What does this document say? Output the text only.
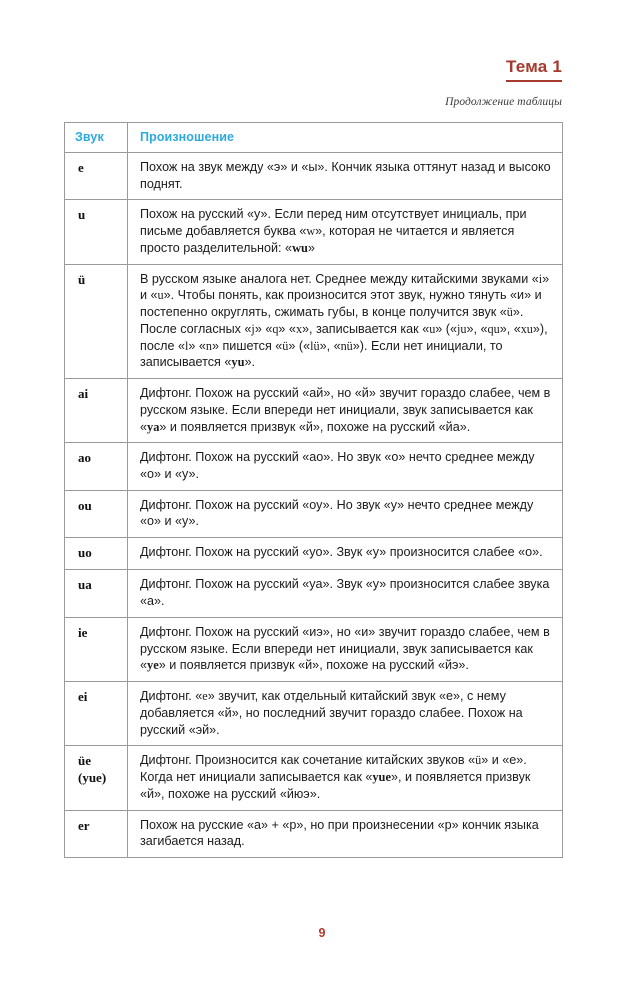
Тема 1
Продолжение таблицы
Звук	Произношение
e	Похож на звук между «э» и «ы». Кончик языка оттянут назад и высоко поднят.
u	Похож на русский «у». Если перед ним отсутствует инициаль, при письме добавляется буква «w», которая не читается и является просто разделительной: «wu»
ü	В русском языке аналога нет. Среднее между китайскими звуками «i» и «u». Чтобы понять, как произносится этот звук, нужно тянуть «и» и постепенно округлять, сжимать губы, в конце получится звук «ü». После согласных «j» «q» «x», записывается как «u» («ju», «qu», «xu»), после «l» «n» пишется «ü» («lü», «nü»). Если нет инициали, то записывается «yu».
ai	Дифтонг. Похож на русский «ай», но «й» звучит гораздо слабее, чем в русском языке. Если впереди нет инициали, звук записывается как «ya» и появляется призвук «й», похоже на русский «йа».
ao	Дифтонг. Похож на русский «ао». Но звук «о» нечто среднее между «о» и «у».
ou	Дифтонг. Похож на русский «оу». Но звук «у» нечто среднее между «о» и «у».
uo	Дифтонг. Похож на русский «уо». Звук «у» произносится слабее «о».
ua	Дифтонг. Похож на русский «уа». Звук «у» произносится слабее звука «а».
ie	Дифтонг. Похож на русский «иэ», но «и» звучит гораздо слабее, чем в русском языке. Если впереди нет инициали, звук записывается как «ye» и появляется призвук «й», похоже на русский «йэ».
ei	Дифтонг. «e» звучит, как отдельный китайский звук «е», с нему добавляется «й», но последний звучит гораздо слабее. Похож на русский «эй».
üe
(yue)	Дифтонг. Произносится как сочетание китайских звуков «ü» и «е». Когда нет инициали записывается как «yue», и появляется призвук «й», похоже на русский «йюэ».
er	Похож на русские «а» + «р», но при произнесении «р» кончик языка загибается назад.
9
